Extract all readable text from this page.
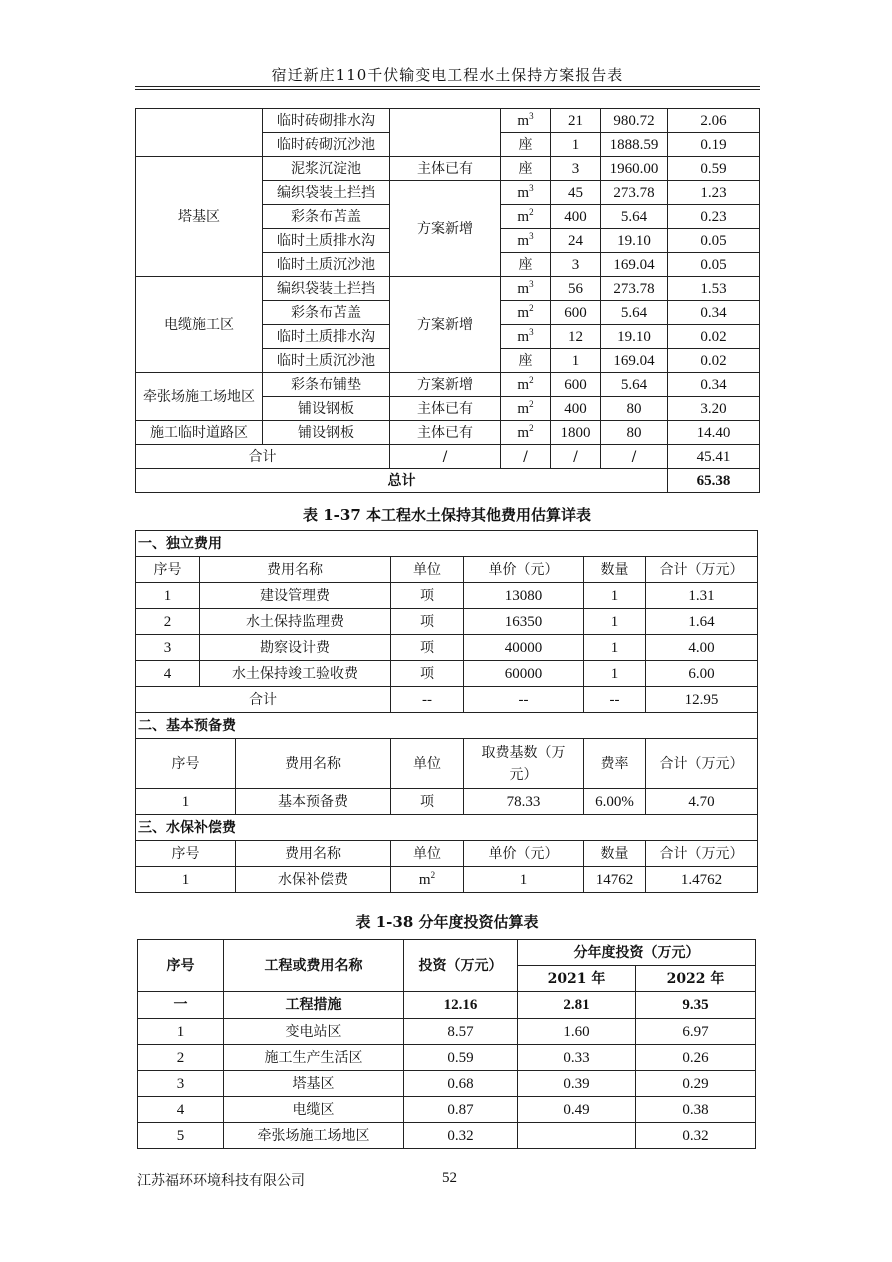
宿迁新庄110千伏输变电工程水土保持方案报告表
	临时砖砌排水沟		$m^3$	21	980.72	2.06
	临时砖砌沉沙池		座	1	1888.59	0.19
塔基区	泥浆沉淀池	主体已有	座	3	1960.00	0.59
	编织袋装土拦挡	方案新增	$m^3$	45	273.78	1.23
	彩条布苫盖		$m^2$	400	5.64	0.23
	临时土质排水沟		$m^3$	24	19.10	0.05
	临时土质沉沙池		座	3	169.04	0.05
电缆施工区	编织袋装土拦挡	方案新增	$m^3$	56	273.78	1.53
	彩条布苫盖		$m^2$	600	5.64	0.34
	临时土质排水沟		$m^3$	12	19.10	0.02
	临时土质沉沙池		座	1	169.04	0.02
牵张场施工场地区	彩条布铺垫	方案新增	$m^2$	600	5.64	0.34
	铺设钢板	主体已有	$m^2$	400	80	3.20
施工临时道路区	铺设钢板	主体已有	$m^2$	1800	80	14.40
合计		/	/	/	/	45.41
总计						65.38
表 1-37 本工程水土保持其他费用估算详表
一、独立费用						
序号	费用名称		单位	单价（元）	数量	合计（万元）
1	建设管理费		项	13080	1	1.31
2	水土保持监理费		项	16350	1	1.64
3	勘察设计费		项	40000	1	4.00
4	水土保持竣工验收费		项	60000	1	6.00
合计			--	--	--	12.95
二、基本预备费						
序号		费用名称	单位	取费基数（万元）	费率	合计（万元）
1		基本预备费	项	78.33	6.00%	4.70
三、水保补偿费						
序号		费用名称	单位	单价（元）	数量	合计（万元）
1		水保补偿费	$m^2$	1	14762	1.4762
表 1-38 分年度投资估算表
序号	工程或费用名称	投资（万元）	分年度投资（万元）	
			2021 年	2022 年
一	工程措施	12.16	2.81	9.35
1	变电站区	8.57	1.60	6.97
2	施工生产生活区	0.59	0.33	0.26
3	塔基区	0.68	0.39	0.29
4	电缆区	0.87	0.49	0.38
5	牵张场施工场地区	0.32		0.32
江苏福环环境科技有限公司	52
